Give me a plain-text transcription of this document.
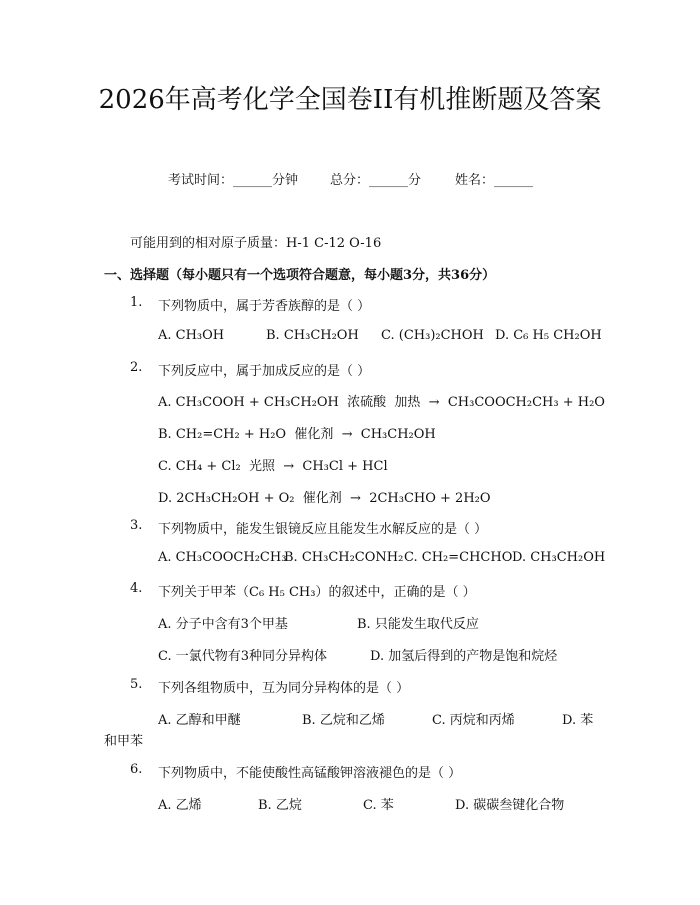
2026年高考化学全国卷II有机推断题及答案
考试时间：______分钟 总分：______分	姓名：______
可能用到的相对原子质量：H-1 C-12 O-16
一、选择题（每小题只有一个选项符合题意，每小题3分，共36分）
1. 下列物质中，属于芳香族醇的是（ ）
A. CH₃OH	B. CH₃CH₂OH C. (CH₃)₂CHOH D. C₆ H₅ CH₂OH
2. 下列反应中，属于加成反应的是（ ）
A. CH₃COOH + CH₃CH₂OH  浓硫酸  加热  →  CH₃COOCH₂CH₃ + H₂O
B. CH₂=CH₂ + H₂O  催化剂  →  CH₃CH₂OH
C. CH₄ + Cl₂  光照  →  CH₃Cl + HCl
D. 2CH₃CH₂OH + O₂  催化剂  →  2CH₃CHO + 2H₂O
3. 下列物质中，能发生银镜反应且能发生水解反应的是（ ）
A. CH₃COOCH₂CH₃
B. CH₃CH₂CONH₂ C. CH₂=CHCHO D. CH₃CH₂OH
4. 下列关于甲苯（C₆ H₅ CH₃）的叙述中，正确的是（ ）
A. 分子中含有3个甲基	B. 只能发生取代反应
C. 一氯代物有3种同分异构体	D. 加氢后得到的产物是饱和烷烃
5. 下列各组物质中，互为同分异构体的是（ ）
A. 乙醇和甲醚	B. 乙烷和乙烯	C. 丙烷和丙烯	D. 苯
和甲苯
6. 下列物质中，不能使酸性高锰酸钾溶液褪色的是（ ）
A. 乙烯	B. 乙烷	C. 苯	D. 碳碳叁键化合物
